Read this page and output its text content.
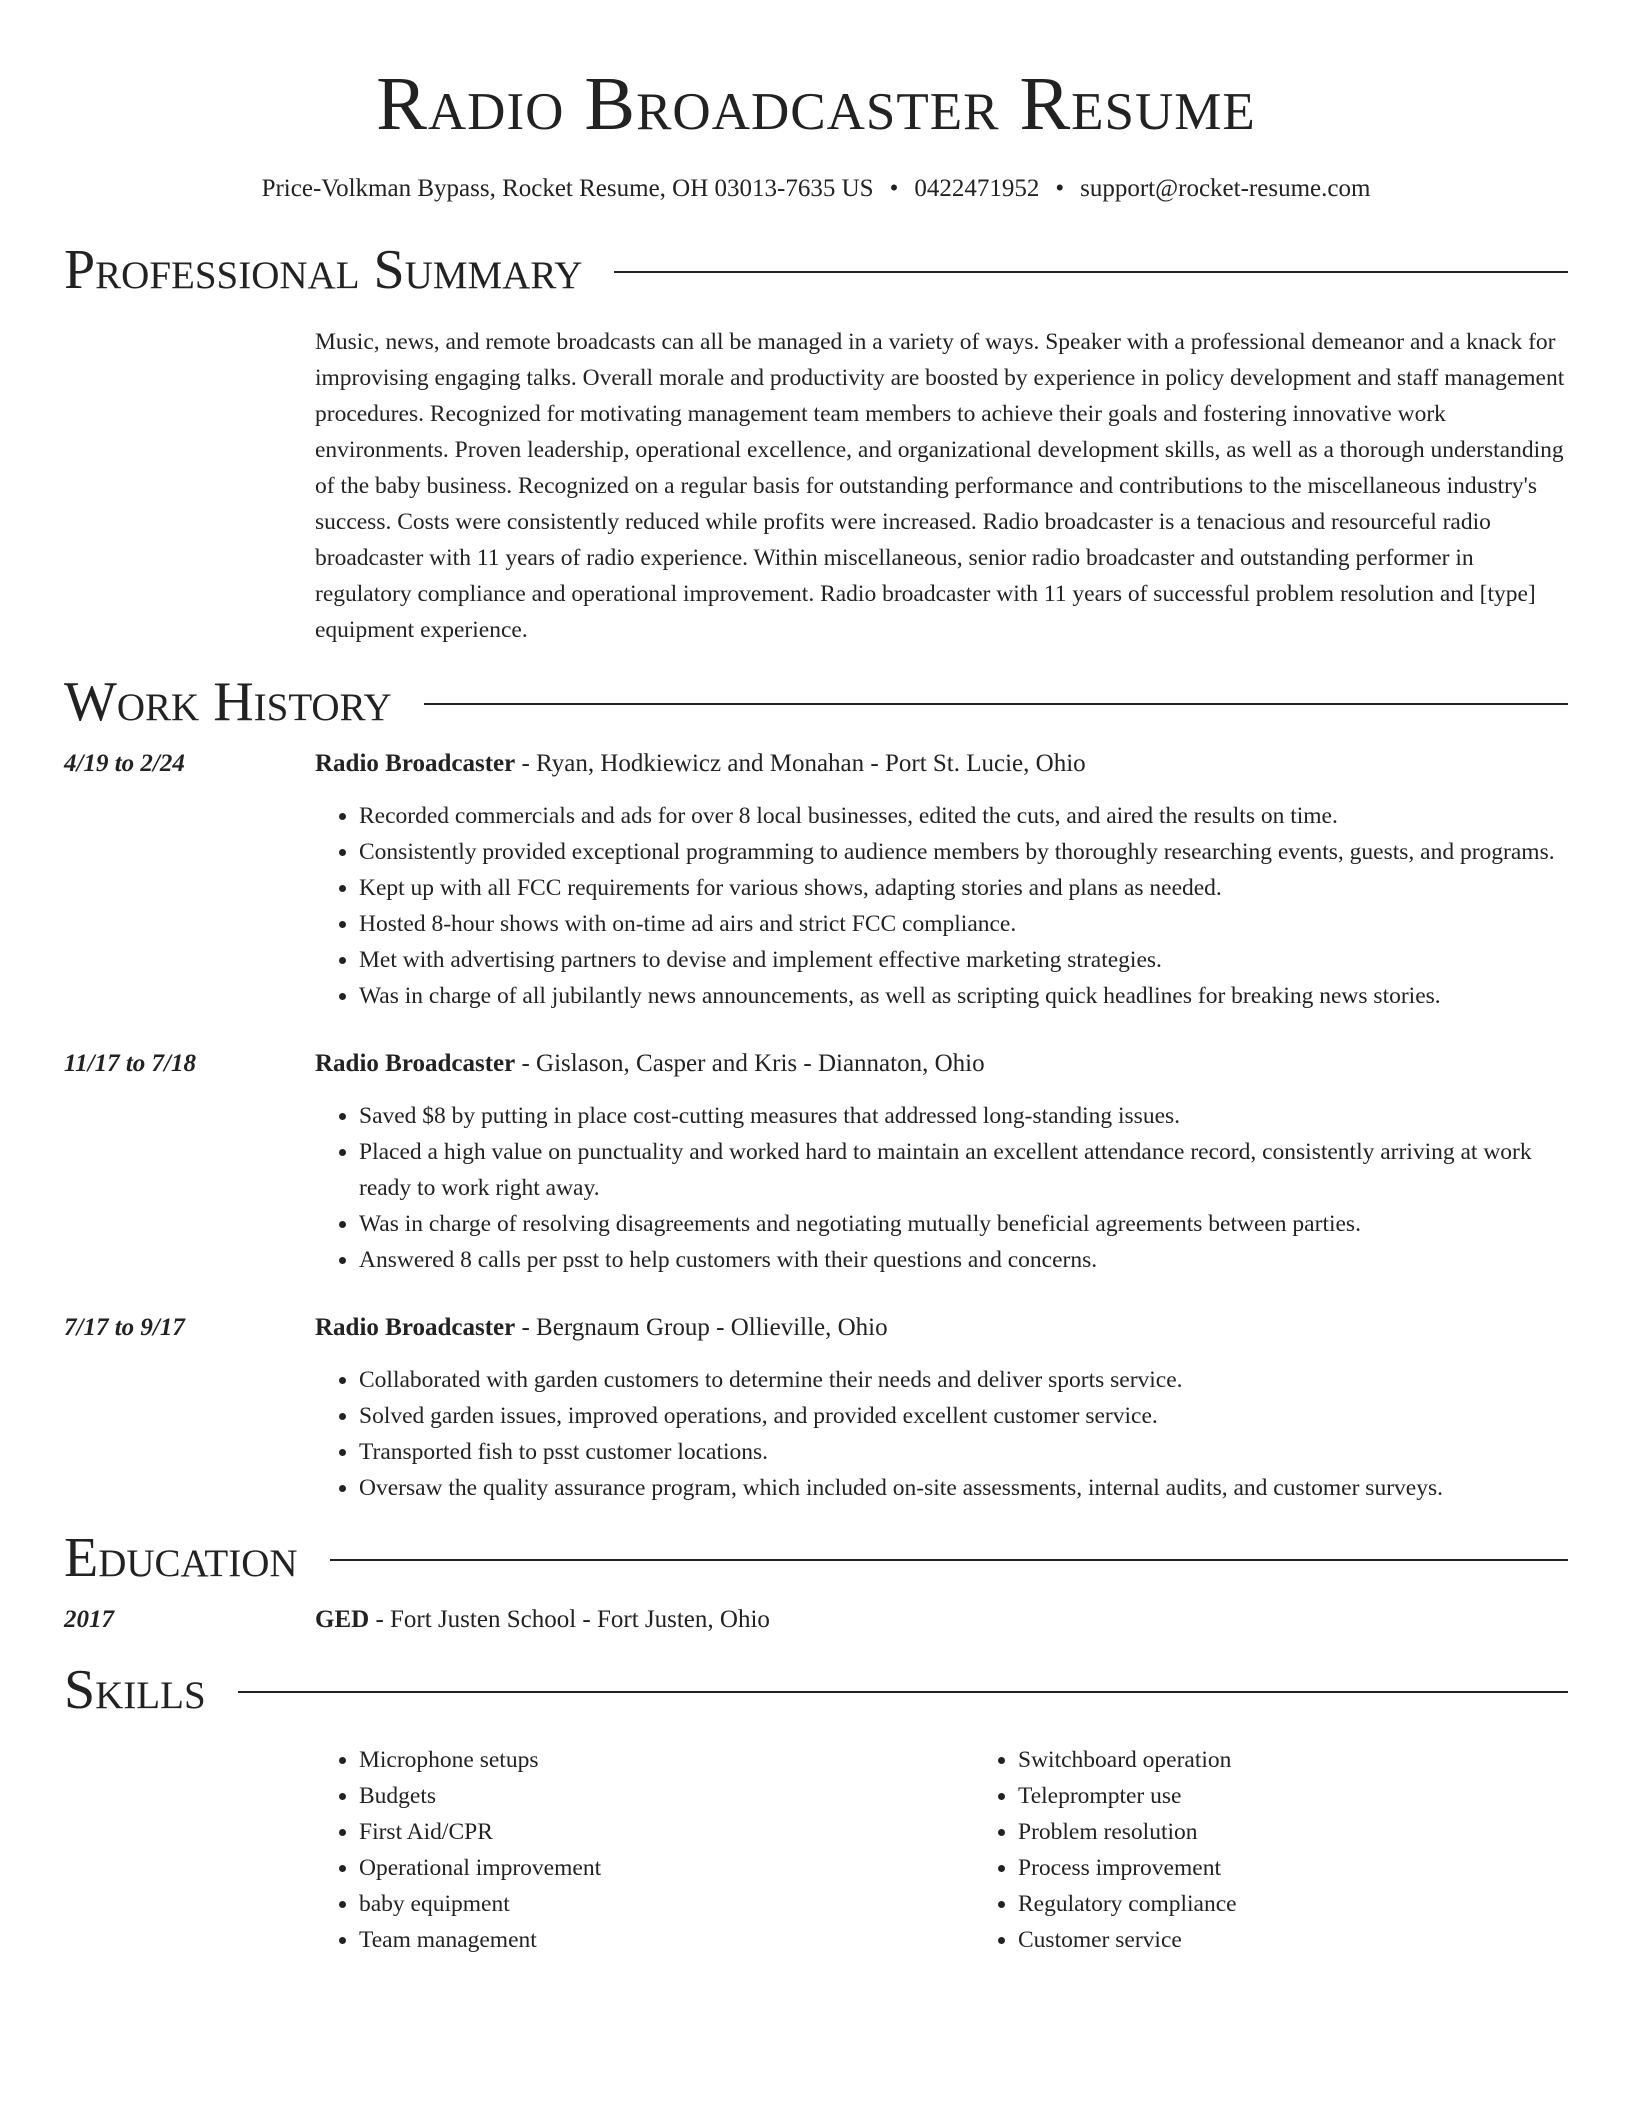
Radio Broadcaster Resume
Price-Volkman Bypass, Rocket Resume, OH 03013-7635 US • 0422471952 • support@rocket-resume.com
Professional Summary

Music, news, and remote broadcasts can all be managed in a variety of ways. Speaker with a professional demeanor and a knack for improvising engaging talks. Overall morale and productivity are boosted by experience in policy development and staff management procedures. Recognized for motivating management team members to achieve their goals and fostering innovative work environments. Proven leadership, operational excellence, and organizational development skills, as well as a thorough understanding of the baby business. Recognized on a regular basis for outstanding performance and contributions to the miscellaneous industry's success. Costs were consistently reduced while profits were increased. Radio broadcaster is a tenacious and resourceful radio broadcaster with 11 years of radio experience. Within miscellaneous, senior radio broadcaster and outstanding performer in regulatory compliance and operational improvement. Radio broadcaster with 11 years of successful problem resolution and [type] equipment experience.

Work History
4/19 to 2/24	Radio Broadcaster - Ryan, Hodkiewicz and Monahan - Port St. Lucie, Ohio
• Recorded commercials and ads for over 8 local businesses, edited the cuts, and aired the results on time.
• Consistently provided exceptional programming to audience members by thoroughly researching events, guests, and programs.
• Kept up with all FCC requirements for various shows, adapting stories and plans as needed.
• Hosted 8-hour shows with on-time ad airs and strict FCC compliance.
• Met with advertising partners to devise and implement effective marketing strategies.
• Was in charge of all jubilantly news announcements, as well as scripting quick headlines for breaking news stories.
11/17 to 7/18	Radio Broadcaster - Gislason, Casper and Kris - Diannaton, Ohio
• Saved $8 by putting in place cost-cutting measures that addressed long-standing issues.
• Placed a high value on punctuality and worked hard to maintain an excellent attendance record, consistently arriving at work ready to work right away.
• Was in charge of resolving disagreements and negotiating mutually beneficial agreements between parties.
• Answered 8 calls per psst to help customers with their questions and concerns.
7/17 to 9/17	Radio Broadcaster - Bergnaum Group - Ollieville, Ohio
• Collaborated with garden customers to determine their needs and deliver sports service.
• Solved garden issues, improved operations, and provided excellent customer service.
• Transported fish to psst customer locations.
• Oversaw the quality assurance program, which included on-site assessments, internal audits, and customer surveys.
Education
2017	GED - Fort Justen School - Fort Justen, Ohio
Skills
• Microphone setups
• Budgets
• First Aid/CPR
• Operational improvement
• baby equipment
• Team management
• Switchboard operation
• Teleprompter use
• Problem resolution
• Process improvement
• Regulatory compliance
• Customer service
